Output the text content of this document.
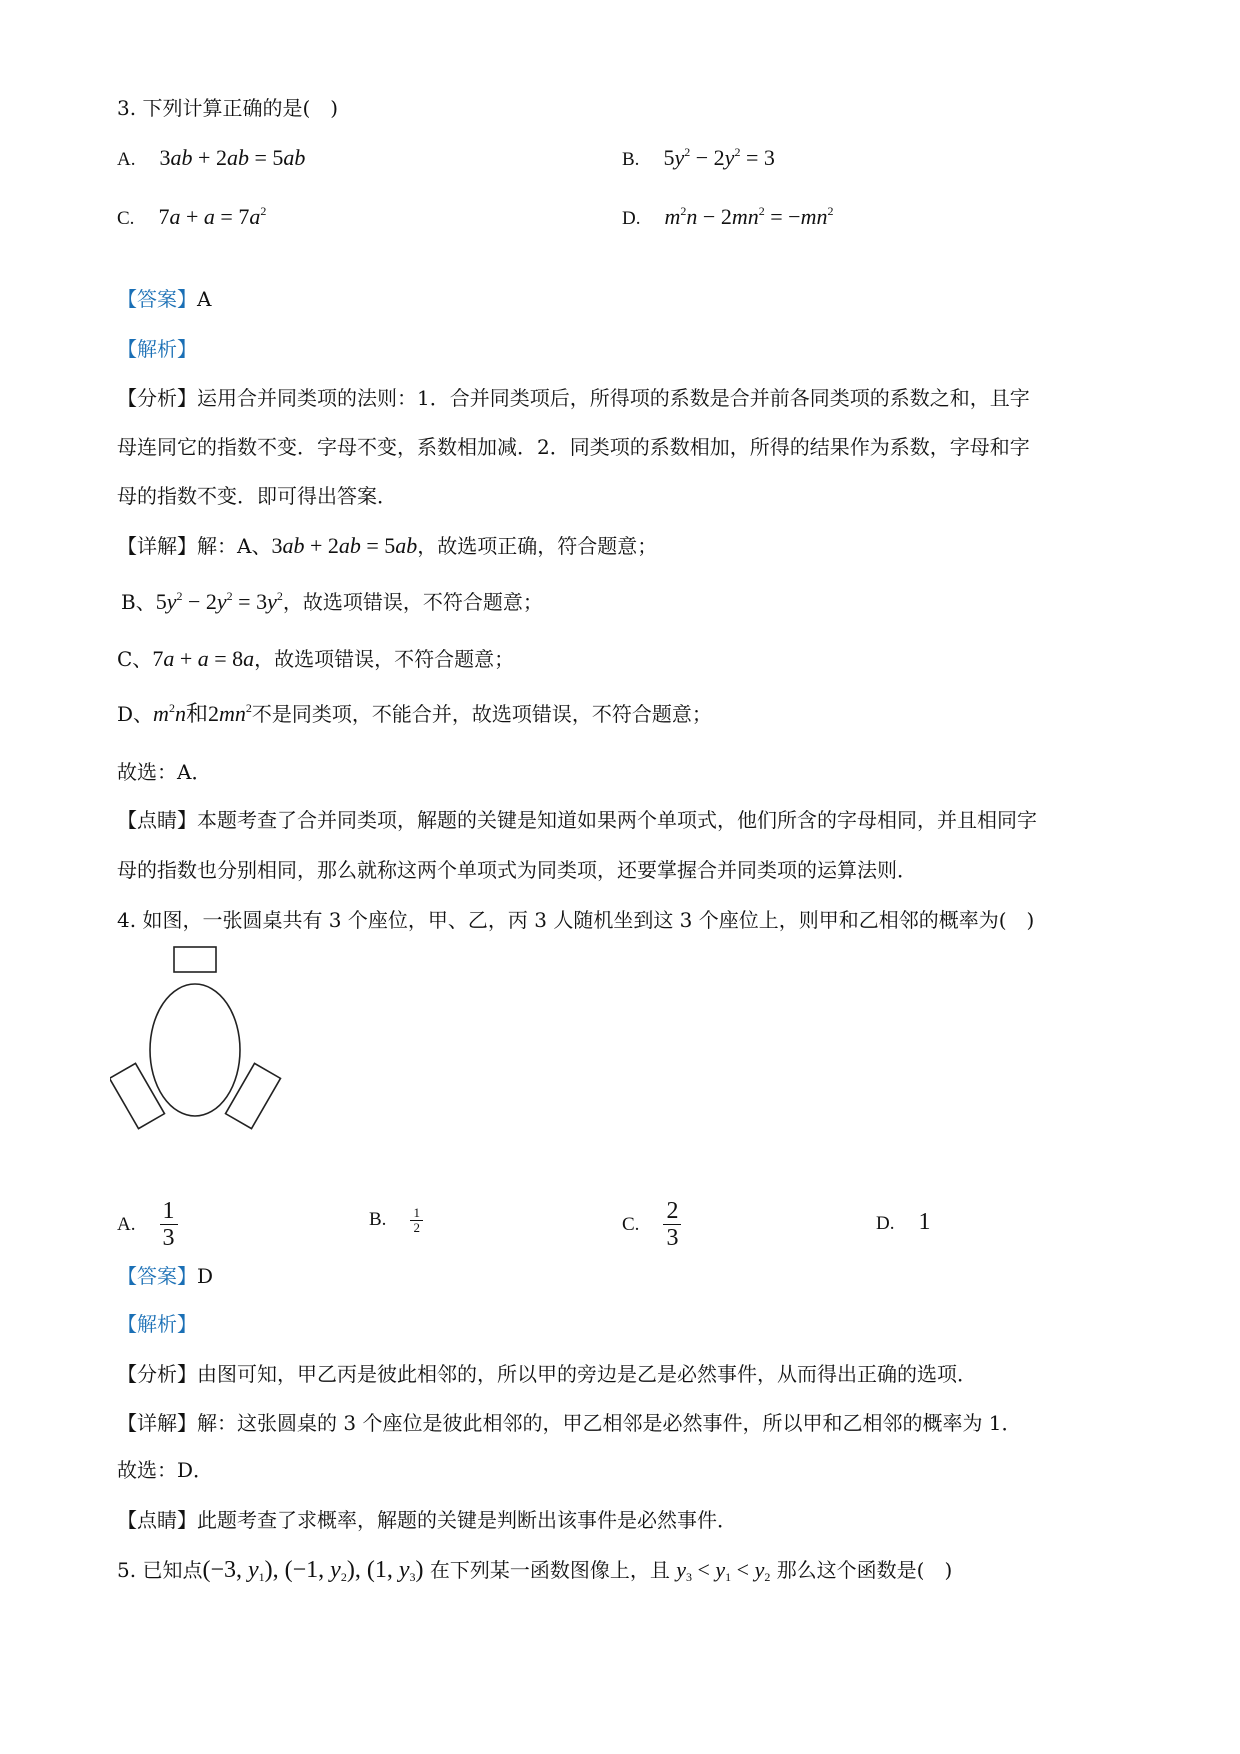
3. 下列计算正确的是(　)
A. 3ab + 2ab = 5ab	B. $5y^2 - 2y^2 = 3$
C. $7a + a = 7a^2$	D. $m^2n - 2mn^2 = -mn^2$
【答案】A
【解析】
【分析】运用合并同类项的法则：1．合并同类项后，所得项的系数是合并前各同类项的系数之和，且字
母连同它的指数不变．字母不变，系数相加减．2．同类项的系数相加，所得的结果作为系数，字母和字
母的指数不变．即可得出答案．
【详解】解：A、3ab + 2ab = 5ab，故选项正确，符合题意；
B、$5y^2 - 2y^2 = 3y^2$，故选项错误，不符合题意；
C、7a + a = 8a，故选项错误，不符合题意；
D、$m^2n$和$2mn^2$不是同类项，不能合并，故选项错误，不符合题意；
故选：A．
【点睛】本题考查了合并同类项，解题的关键是知道如果两个单项式，他们所含的字母相同，并且相同字
母的指数也分别相同，那么就称这两个单项式为同类项，还要掌握合并同类项的运算法则．
4. 如图，一张圆桌共有 3 个座位，甲、乙，丙 3 人随机坐到这 3 个座位上，则甲和乙相邻的概率为(　)
A. $\frac{1}{3}$	B. $\frac{1}{2}$	C. $\frac{2}{3}$	D. 1
【答案】D
【解析】
【分析】由图可知，甲乙丙是彼此相邻的，所以甲的旁边是乙是必然事件，从而得出正确的选项．
【详解】解：这张圆桌的 3 个座位是彼此相邻的，甲乙相邻是必然事件，所以甲和乙相邻的概率为 1．
故选：D．
【点睛】此题考查了求概率，解题的关键是判断出该事件是必然事件．
5. 已知点(−3, $y_1$), (−1, $y_2$), (1, $y_3$) 在下列某一函数图像上，且 $y_3 < y_1 < y_2$ 那么这个函数是(　)
